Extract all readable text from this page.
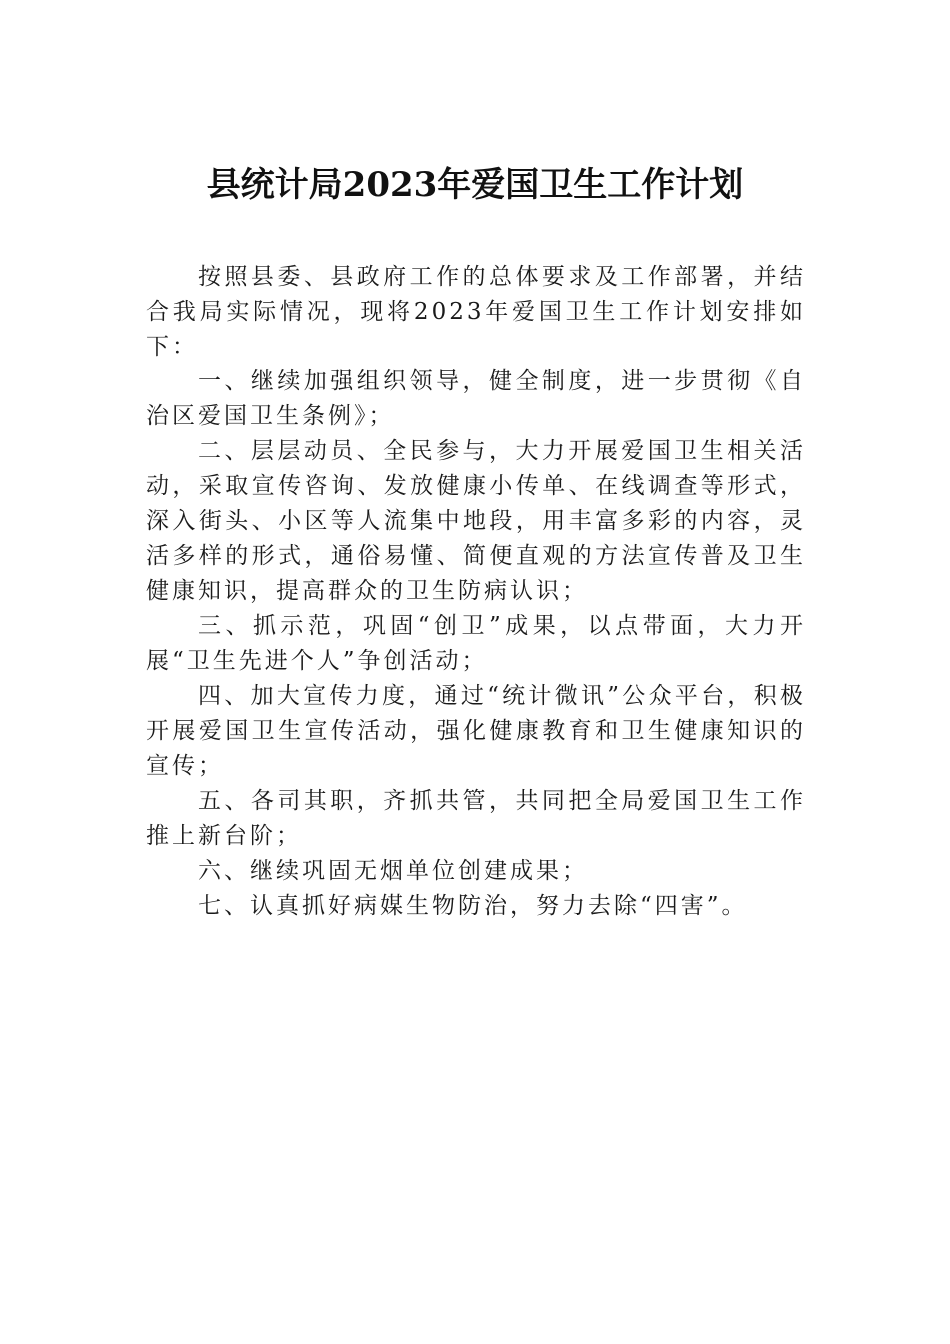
县统计局2023年爱国卫生工作计划

按照县委、县政府工作的总体要求及工作部署，并结合我局实际情况，现将2023年爱国卫生工作计划安排如下：

一、继续加强组织领导，健全制度，进一步贯彻《自治区爱国卫生条例》；

二、层层动员、全民参与，大力开展爱国卫生相关活动，采取宣传咨询、发放健康小传单、在线调查等形式，深入街头、小区等人流集中地段，用丰富多彩的内容，灵活多样的形式，通俗易懂、简便直观的方法宣传普及卫生健康知识，提高群众的卫生防病认识；

三、抓示范，巩固“创卫”成果，以点带面，大力开展“卫生先进个人”争创活动；

四、加大宣传力度，通过“统计微讯”公众平台，积极开展爱国卫生宣传活动，强化健康教育和卫生健康知识的宣传；

五、各司其职，齐抓共管，共同把全局爱国卫生工作推上新台阶；

六、继续巩固无烟单位创建成果；

七、认真抓好病媒生物防治，努力去除“四害”。
